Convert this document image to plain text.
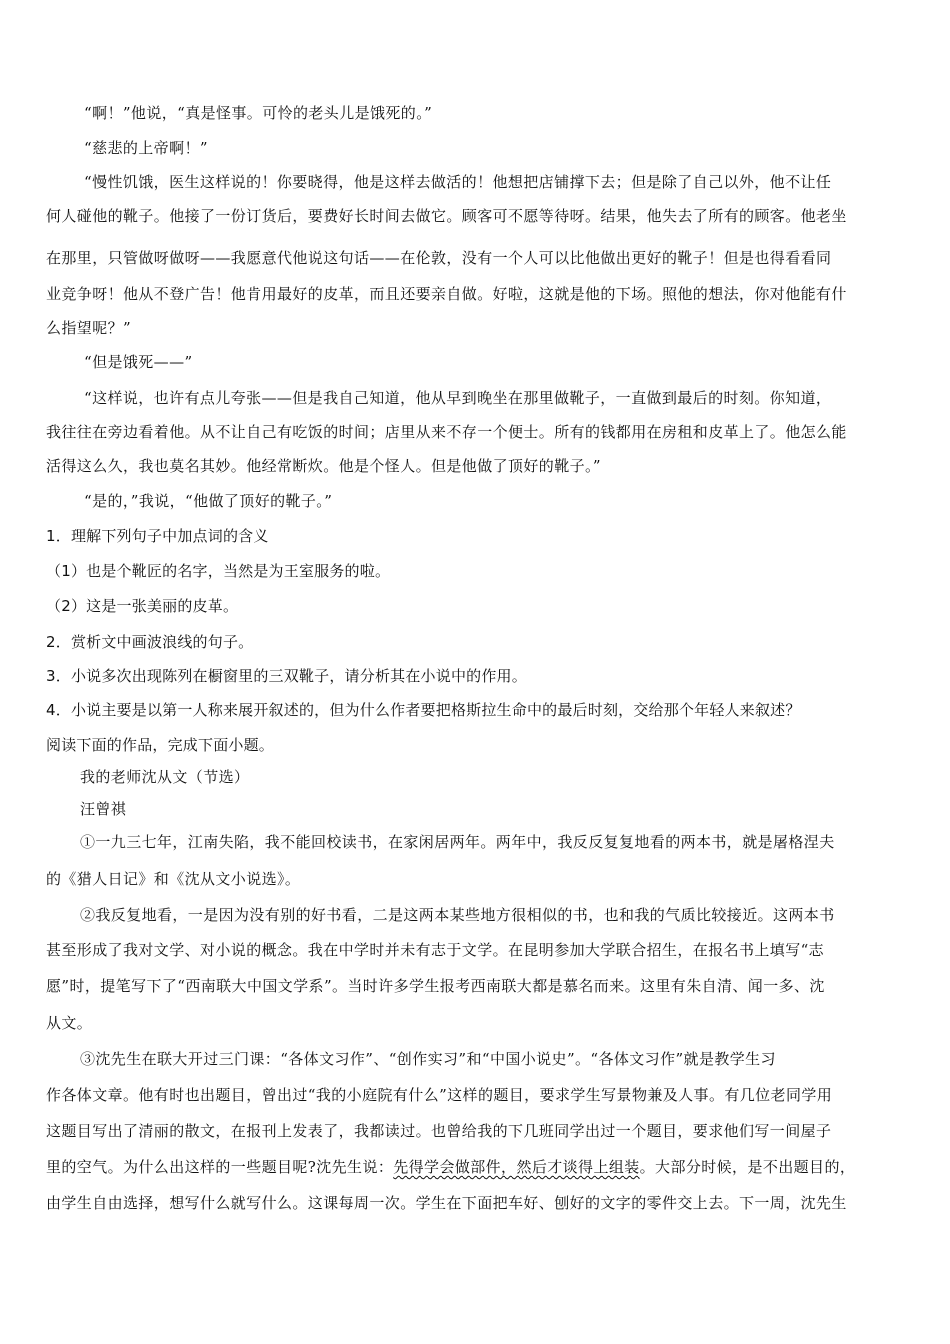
“啊！”他说，“真是怪事。可怜的老头儿是饿死的。”
“慈悲的上帝啊！”
“慢性饥饿，医生这样说的！你要晓得，他是这样去做活的！他想把店铺撑下去；但是除了自己以外，他不让任
何人碰他的靴子。他接了一份订货后，要费好长时间去做它。顾客可不愿等待呀。结果，他失去了所有的顾客。他老坐
在那里，只管做呀做呀——我愿意代他说这句话——在伦敦，没有一个人可以比他做出更好的靴子！但是也得看看同
业竞争呀！他从不登广告！他肯用最好的皮革，而且还要亲自做。好啦，这就是他的下场。照他的想法，你对他能有什
么指望呢？”
“但是饿死——”
“这样说，也许有点儿夸张——但是我自己知道，他从早到晚坐在那里做靴子，一直做到最后的时刻。你知道，
我往往在旁边看着他。从不让自己有吃饭的时间；店里从来不存一个便士。所有的钱都用在房租和皮革上了。他怎么能
活得这么久，我也莫名其妙。他经常断炊。他是个怪人。但是他做了顶好的靴子。”
“是的，”我说，“他做了顶好的靴子。”
1．理解下列句子中加点词的含义
（1）也是个靴匠的名字，当然是为王室服务的啦。
（2）这是一张美丽的皮革。
2．赏析文中画波浪线的句子。
3．小说多次出现陈列在橱窗里的三双靴子，请分析其在小说中的作用。
4．小说主要是以第一人称来展开叙述的，但为什么作者要把格斯拉生命中的最后时刻，交给那个年轻人来叙述？
阅读下面的作品，完成下面小题。
我的老师沈从文（节选）
汪曾祺
①一九三七年，江南失陷，我不能回校读书，在家闲居两年。两年中，我反反复复地看的两本书，就是屠格涅夫
的《猎人日记》和《沈从文小说选》。
②我反复地看，一是因为没有别的好书看，二是这两本某些地方很相似的书，也和我的气质比较接近。这两本书
甚至形成了我对文学、对小说的概念。我在中学时并未有志于文学。在昆明参加大学联合招生，在报名书上填写“志
愿”时，提笔写下了“西南联大中国文学系”。当时许多学生报考西南联大都是慕名而来。这里有朱自清、闻一多、沈
从文。
③沈先生在联大开过三门课：“各体文习作”、“创作实习”和“中国小说史”。“各体文习作”就是教学生习
作各体文章。他有时也出题目，曾出过“我的小庭院有什么”这样的题目，要求学生写景物兼及人事。有几位老同学用
这题目写出了清丽的散文，在报刊上发表了，我都读过。也曾给我的下几班同学出过一个题目，要求他们写一间屋子
里的空气。为什么出这样的一些题目呢?沈先生说：先得学会做部件，然后才谈得上组装。大部分时候，是不出题目的，
由学生自由选择，想写什么就写什么。这课每周一次。学生在下面把车好、刨好的文字的零件交上去。下一周，沈先生
